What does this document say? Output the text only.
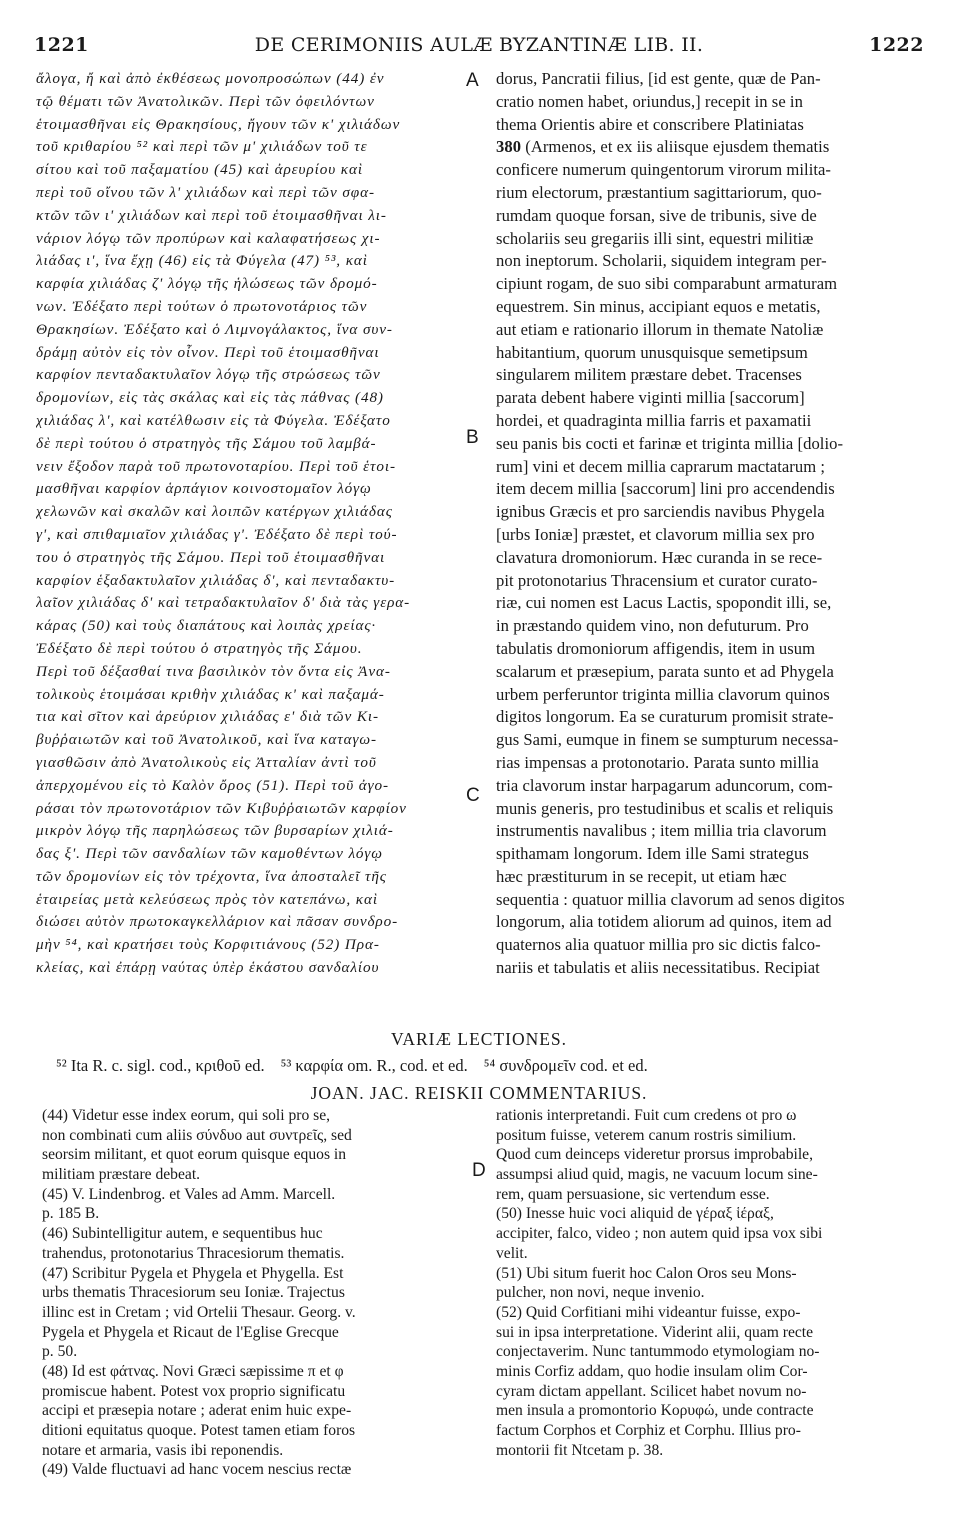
1221	DE CERIMONIIS AULÆ BYZANTINÆ LIB. II.	1222
A
B
C
D
ἄλογα, ἤ καὶ ἀπὸ ἐκθέσεως μονοπροσώπων (44) ἐν
τῷ θέματι τῶν Ἀνατολικῶν. Περὶ τῶν ὀφειλόντων
ἑτοιμασθῆναι εἰς Θρακησίους, ἤγουν τῶν κʹ χιλιάδων
τοῦ κριθαρίου ⁵² καὶ περὶ τῶν μʹ χιλιάδων τοῦ τε
σίτου καὶ τοῦ παξαματίου (45) καὶ ἀρευρίου καὶ
περὶ τοῦ οἴνου τῶν λʹ χιλιάδων καὶ περὶ τῶν σφα-
κτῶν τῶν ιʹ χιλιάδων καὶ περὶ τοῦ ἑτοιμασθῆναι λι-
νάριον λόγῳ τῶν προπύρων καὶ καλαφατήσεως χι-
λιάδας ιʹ, ἵνα ἔχῃ (46) εἰς τὰ Φύγελα (47) ⁵³, καὶ
καρφία χιλιάδας ζʹ λόγῳ τῆς ἡλώσεως τῶν δρομό-
νων. Ἐδέξατο περὶ τούτων ὁ πρωτονοτάριος τῶν
Θρακησίων. Ἐδέξατο καὶ ὁ Λιμνογάλακτος, ἵνα συν-
δράμῃ αὐτὸν εἰς τὸν οἶνον. Περὶ τοῦ ἑτοιμασθῆναι
καρφίον πενταδακτυλαῖον λόγῳ τῆς στρώσεως τῶν
δρομονίων, εἰς τὰς σκάλας καὶ εἰς τὰς πάθνας (48)
χιλιάδας λʹ, καὶ κατέλθωσιν εἰς τὰ Φύγελα. Ἐδέξατο
δὲ περὶ τούτου ὁ στρατηγὸς τῆς Σάμου τοῦ λαμβά-
νειν ἔξοδον παρὰ τοῦ πρωτονοταρίου. Περὶ τοῦ ἑτοι-
μασθῆναι καρφίον ἁρπάγιον κοινοστομαῖον λόγῳ
χελωνῶν καὶ σκαλῶν καὶ λοιπῶν κατέργων χιλιάδας
γʹ, καὶ σπιθαμιαῖον χιλιάδας γʹ. Ἐδέξατο δὲ περὶ τού-
του ὁ στρατηγὸς τῆς Σάμου. Περὶ τοῦ ἑτοιμασθῆναι
καρφίον ἑξαδακτυλαῖον χιλιάδας δʹ, καὶ πενταδακτυ-
λαῖον χιλιάδας δʹ καὶ τετραδακτυλαῖον δʹ διὰ τὰς γερα-
κάρας (50) καὶ τοὺς διαπάτους καὶ λοιπὰς χρείας·
Ἐδέξατο δὲ περὶ τούτου ὁ στρατηγὸς τῆς Σάμου.
Περὶ τοῦ δέξασθαί τινα βασιλικὸν τὸν ὄντα εἰς Ἀνα-
τολικοὺς ἑτοιμάσαι κριθὴν χιλιάδας κʹ καὶ παξαμά-
τια καὶ σῖτον καὶ ἀρεύριον χιλιάδας εʹ διὰ τῶν Κι-
βυῤῥαιωτῶν καὶ τοῦ Ἀνατολικοῦ, καὶ ἵνα καταγω-
γιασθῶσιν ἀπὸ Ἀνατολικοὺς εἰς Ἀτταλίαν ἀντὶ τοῦ
ἀπερχομένου εἰς τὸ Καλὸν ὄρος (51). Περὶ τοῦ ἀγο-
ράσαι τὸν πρωτονοτάριον τῶν Κιβυῤῥαιωτῶν καρφίον
μικρὸν λόγῳ τῆς παρηλώσεως τῶν βυρσαρίων χιλιά-
δας ξʹ. Περὶ τῶν σανδαλίων τῶν καμοθέντων λόγῳ
τῶν δρομονίων εἰς τὸν τρέχοντα, ἵνα ἀποσταλεῖ τῆς
ἑταιρείας μετὰ κελεύσεως πρὸς τὸν κατεπάνω, καὶ
διώσει αὐτὸν πρωτοκαγκελλάριον καὶ πᾶσαν συνδρο-
μὴν ⁵⁴, καὶ κρατήσει τοὺς Κορφιτιάνους (52) Πρα-
κλείας, καὶ ἐπάρῃ ναύτας ὑπὲρ ἑκάστου σανδαλίου
dorus, Pancratii filius, [id est gente, quæ de Pan-
cratio nomen habet, oriundus,] recepit in se in
thema Orientis abire et conscribere Platiniatas
380 (Armenos, et ex iis aliisque ejusdem thematis
conficere numerum quingentorum virorum milita-
rium electorum, præstantium sagittariorum, quo-
rumdam quoque forsan, sive de tribunis, sive de
scholariis seu gregariis illi sint, equestri militiæ
non ineptorum. Scholarii, siquidem integram per-
cipiunt rogam, de suo sibi comparabunt armaturam
equestrem. Sin minus, accipiant equos e metatis,
aut etiam e rationario illorum in themate Natoliæ
habitantium, quorum unusquisque semetipsum
singularem militem præstare debet. Tracenses
parata debent habere viginti millia [saccorum]
hordei, et quadraginta millia farris et paxamatii
seu panis bis cocti et farinæ et triginta millia [dolio-
rum] vini et decem millia caprarum mactatarum ;
item decem millia [saccorum] lini pro accendendis
ignibus Græcis et pro sarciendis navibus Phygela
[urbs Ioniæ] præstet, et clavorum millia sex pro
clavatura dromoniorum. Hæc curanda in se rece-
pit protonotarius Thracensium et curator curato-
riæ, cui nomen est Lacus Lactis, spopondit illi, se,
in præstando quidem vino, non defuturum. Pro
tabulatis dromoniorum affigendis, item in usum
scalarum et præsepium, parata sunto et ad Phygela
urbem perferuntor triginta millia clavorum quinos
digitos longorum. Ea se curaturum promisit strate-
gus Sami, eumque in finem se sumpturum necessa-
rias impensas a protonotario. Parata sunto millia
tria clavorum instar harpagarum aduncorum, com-
munis generis, pro testudinibus et scalis et reliquis
instrumentis navalibus ; item millia tria clavorum
spithamam longorum. Idem ille Sami strategus
hæc præstiturum in se recepit, ut etiam hæc
sequentia : quatuor millia clavorum ad senos digitos
longorum, alia totidem aliorum ad quinos, item ad
quaternos alia quatuor millia pro sic dictis falco-
nariis et tabulatis et aliis necessitatibus. Recipiat
VARIÆ LECTIONES.
⁵² Ita R. c. sigl. cod., κριθοῦ ed. ⁵³ καρφία om. R., cod. et ed. ⁵⁴ συνδρομεῖν cod. et ed.
JOAN. JAC. REISKII COMMENTARIUS.
(44) Videtur esse index eorum, qui soli pro se,
non combinati cum aliis σύνδυο aut συντρεῖς, sed
seorsim militant, et quot eorum quisque equos in
militiam præstare debeat.
(45) V. Lindenbrog. et Vales ad Amm. Marcell.
p. 185 B.
(46) Subintelligitur autem, e sequentibus huc
trahendus, protonotarius Thracesiorum thematis.
(47) Scribitur Pygela et Phygela et Phygella. Est
urbs thematis Thracesiorum seu Ioniæ. Trajectus
illinc est in Cretam ; vid Ortelii Thesaur. Georg. v.
Pygela et Phygela et Ricaut de l'Eglise Grecque
p. 50.
(48) Id est φάτνας. Novi Græci sæpissime π et φ
promiscue habent. Potest vox proprio significatu
accipi et præsepia notare ; aderat enim huic expe-
ditioni equitatus quoque. Potest tamen etiam foros
notare et armaria, vasis ibi reponendis.
(49) Valde fluctuavi ad hanc vocem nescius rectæ
rationis interpretandi. Fuit cum credens ot pro ω
positum fuisse, veterem canum rostris similium.
Quod cum deinceps videretur prorsus improbabile,
assumpsi aliud quid, magis, ne vacuum locum sine-
rem, quam persuasione, sic vertendum esse.
(50) Inesse huic voci aliquid de γέραξ ἱέραξ,
accipiter, falco, video ; non autem quid ipsa vox sibi
velit.
(51) Ubi situm fuerit hoc Calon Oros seu Mons-
pulcher, non novi, neque invenio.
(52) Quid Corfitiani mihi videantur fuisse, expo-
sui in ipsa interpretatione. Viderint alii, quam recte
conjectaverim. Nunc tantummodo etymologiam no-
minis Corfiz addam, quo hodie insulam olim Cor-
cyram dictam appellant. Scilicet habet novum no-
men insula a promontorio Κορυφώ, unde contracte
factum Corphos et Corphiz et Corphu. Illius pro-
montorii fit Ntcetam p. 38.
